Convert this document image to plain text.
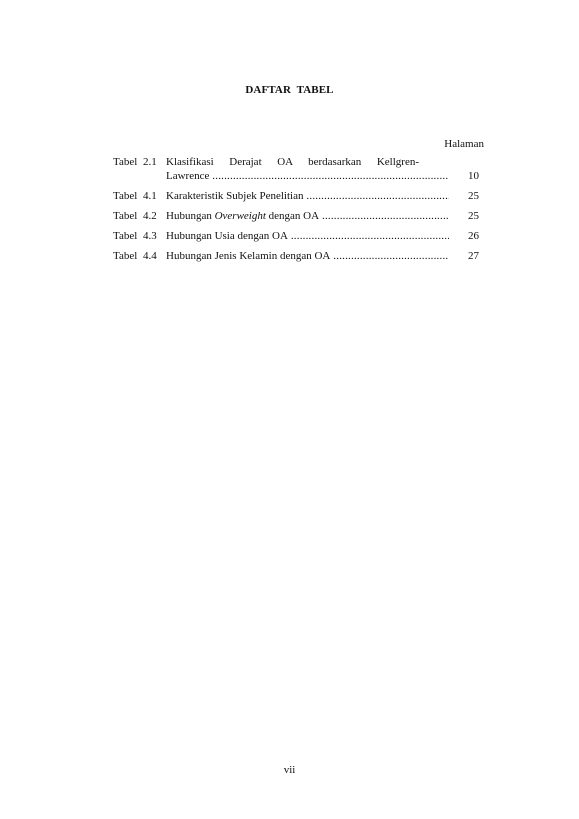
DAFTAR TABEL
Halaman
Tabel 2.1 Klasifikasi Derajat OA berdasarkan Kellgren-
Lawrence .....	10
Tabel 4.1 Karakteristik Subjek Penelitian .....	25
Tabel 4.2 Hubungan Overweight dengan OA .....	25
Tabel 4.3 Hubungan Usia dengan OA .....	26
Tabel 4.4 Hubungan Jenis Kelamin dengan OA .....	27
vii
